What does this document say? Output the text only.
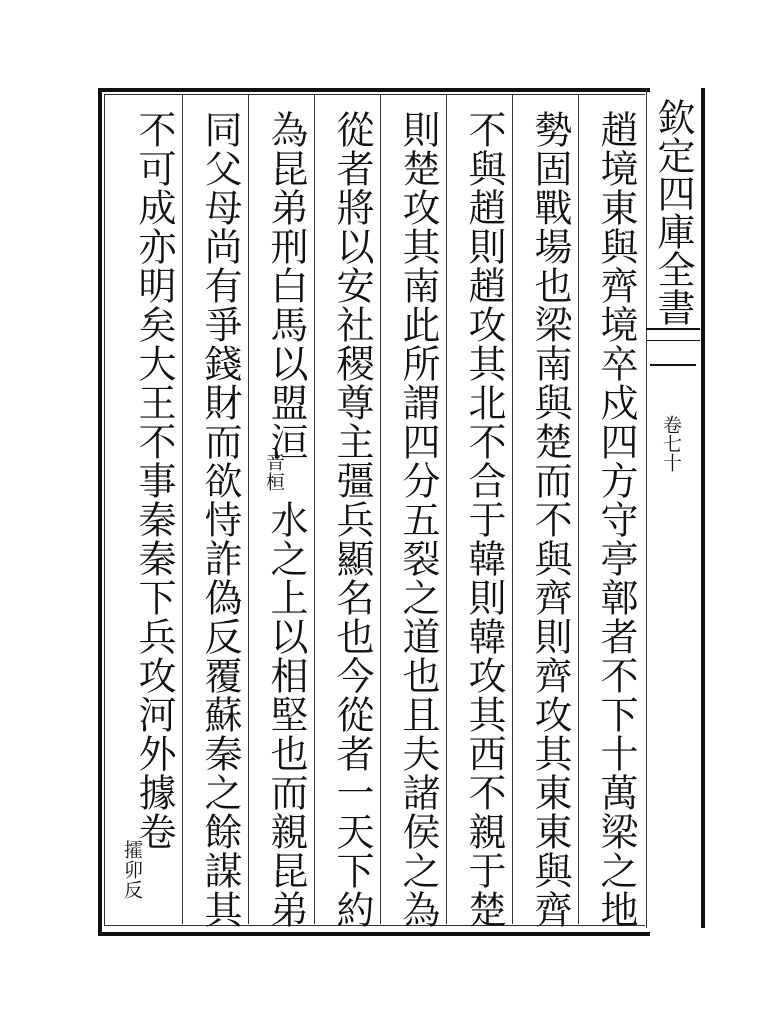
欽定四庫全書
卷七十
趙境東與齊境卒戍四方守亭鄣者不下十萬梁之地
勢固戰場也梁南與楚而不與齊則齊攻其東東與齊
不與趙則趙攻其北不合于韓則韓攻其西不親于楚
則楚攻其南此所謂四分五裂之道也且夫諸侯之為
從者將以安社稷尊主彊兵顯名也今從者一天下約
為昆弟刑白馬以盟洹
音桓
水之上以相堅也而親昆弟
同父母尚有爭錢財而欲恃詐偽反覆蘇秦之餘謀其
不可成亦明矣大王不事秦秦下兵攻河外據卷
攉卯反
